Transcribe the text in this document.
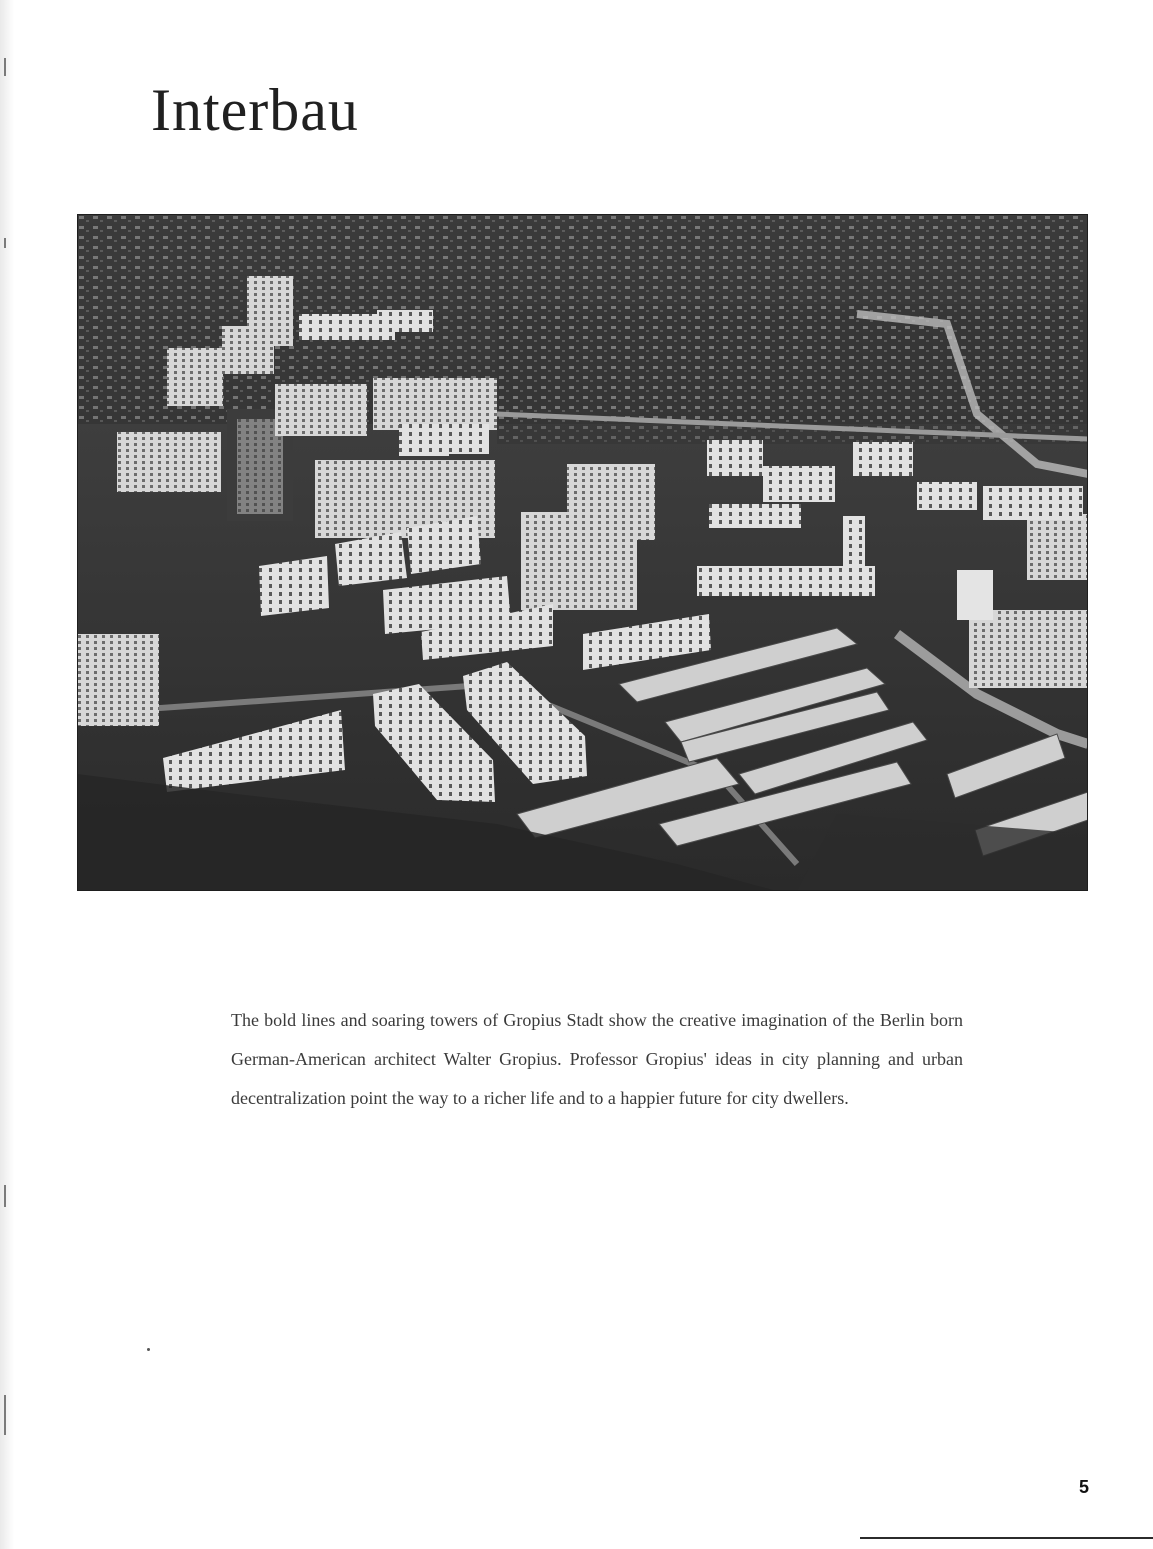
Interbau

The bold lines and soaring towers of Gropius Stadt show the creative imagination of the Berlin born German-American architect Walter Gropius. Professor Gropius' ideas in city planning and urban decentralization point the way to a richer life and to a happier future for city dwellers.

5
